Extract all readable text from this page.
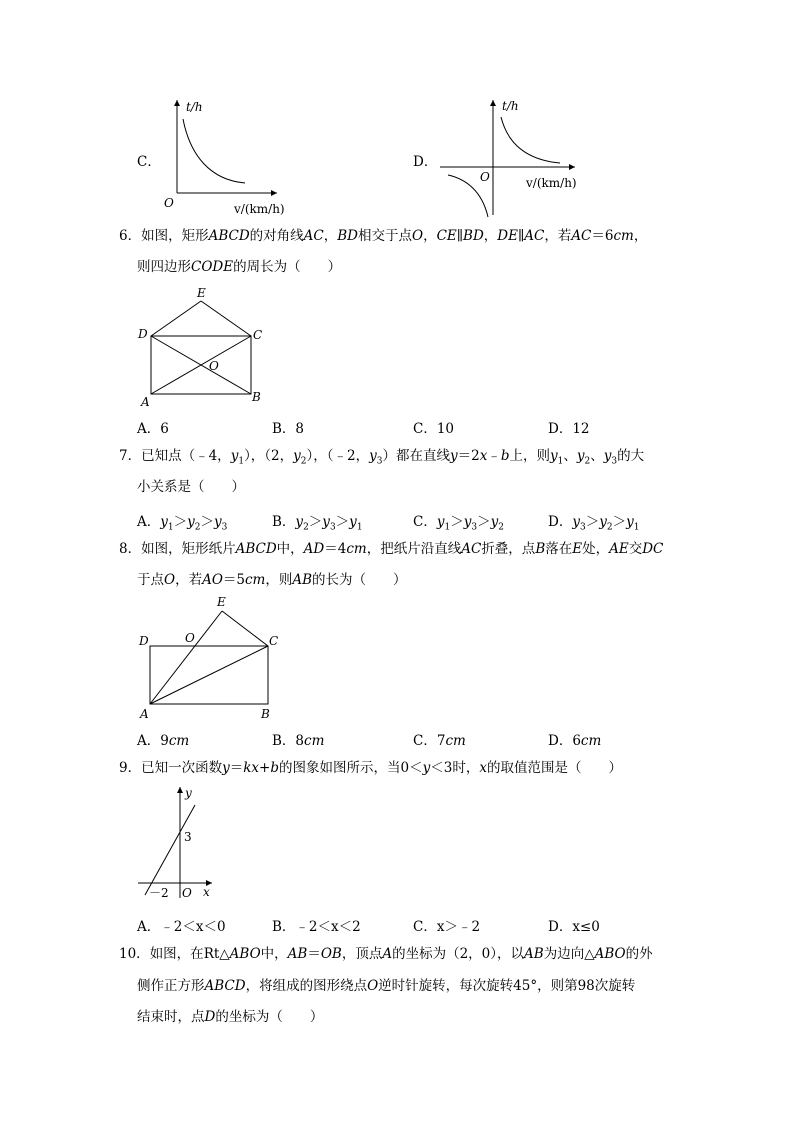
C．
t/h
v/(km/h)
O
D．
t/h
v/(km/h)
O
6．如图，矩形ABCD的对角线AC，BD相交于点O，CE∥BD，DE∥AC，若AC＝6cm，
则四边形CODE的周长为（　　）
E
D	C
O
A	B
A．6	B．8	C．10	D．12
7．已知点（﹣4，$y_1$），（2，$y_2$），（﹣2，$y_3$）都在直线y＝2x﹣b上，则$y_1$、$y_2$、$y_3$的大
小关系是（　　）
A．$y_1>y_2>y_3$	B．$y_2>y_3>y_1$	C．$y_1>y_3>y_2$	D．$y_3>y_2>y_1$
8．如图，矩形纸片ABCD中，AD＝4cm，把纸片沿直线AC折叠，点B落在E处，AE交DC
于点O，若AO＝5cm，则AB的长为（　　）
E
D	O	C
A	B
A．9cm	B．8cm	C．7cm	D．6cm
9．已知一次函数y＝kx+b的图象如图所示，当0＜y＜3时，x的取值范围是（　　）
y
x
O
3
－2
A．﹣2＜x＜0	B．﹣2＜x＜2	C．x＞﹣2	D．x≤0
10．如图，在Rt△ABO中，AB＝OB，顶点A的坐标为（2，0），以AB为边向△ABO的外
侧作正方形ABCD，将组成的图形绕点O逆时针旋转，每次旋转45°，则第98次旋转
结束时，点D的坐标为（　　）
